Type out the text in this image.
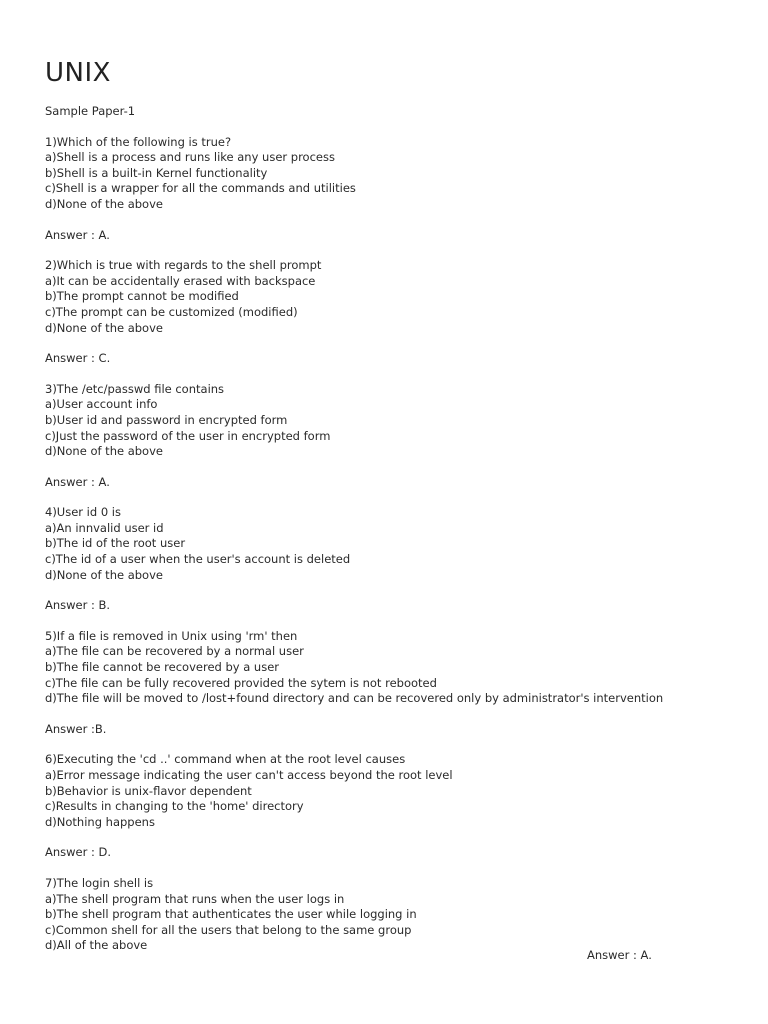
UNIX
Sample Paper-1
1)Which of the following is true?
a)Shell is a process and runs like any user process
b)Shell is a built-in Kernel functionality
c)Shell is a wrapper for all the commands and utilities
d)None of the above
Answer : A.
2)Which is true with regards to the shell prompt
a)It can be accidentally erased with backspace
b)The prompt cannot be modified
c)The prompt can be customized (modified)
d)None of the above
Answer : C.
3)The /etc/passwd file contains
a)User account info
b)User id and password in encrypted form
c)Just the password of the user in encrypted form
d)None of the above
Answer : A.
4)User id 0 is
a)An innvalid user id
b)The id of the root user
c)The id of a user when the user's account is deleted
d)None of the above
Answer : B.
5)If a file is removed in Unix using 'rm' then
a)The file can be recovered by a normal user
b)The file cannot be recovered by a user
c)The file can be fully recovered provided the sytem is not rebooted
d)The file will be moved to /lost+found directory and can be recovered only by administrator's intervention
Answer :B.
6)Executing the 'cd ..' command when at the root level causes
a)Error message indicating the user can't access beyond the root level
b)Behavior is unix-flavor dependent
c)Results in changing to the 'home' directory
d)Nothing happens
Answer : D.
7)The login shell is
a)The shell program that runs when the user logs in
b)The shell program that authenticates the user while logging in
c)Common shell for all the users that belong to the same group
d)All of the above
Answer : A.
